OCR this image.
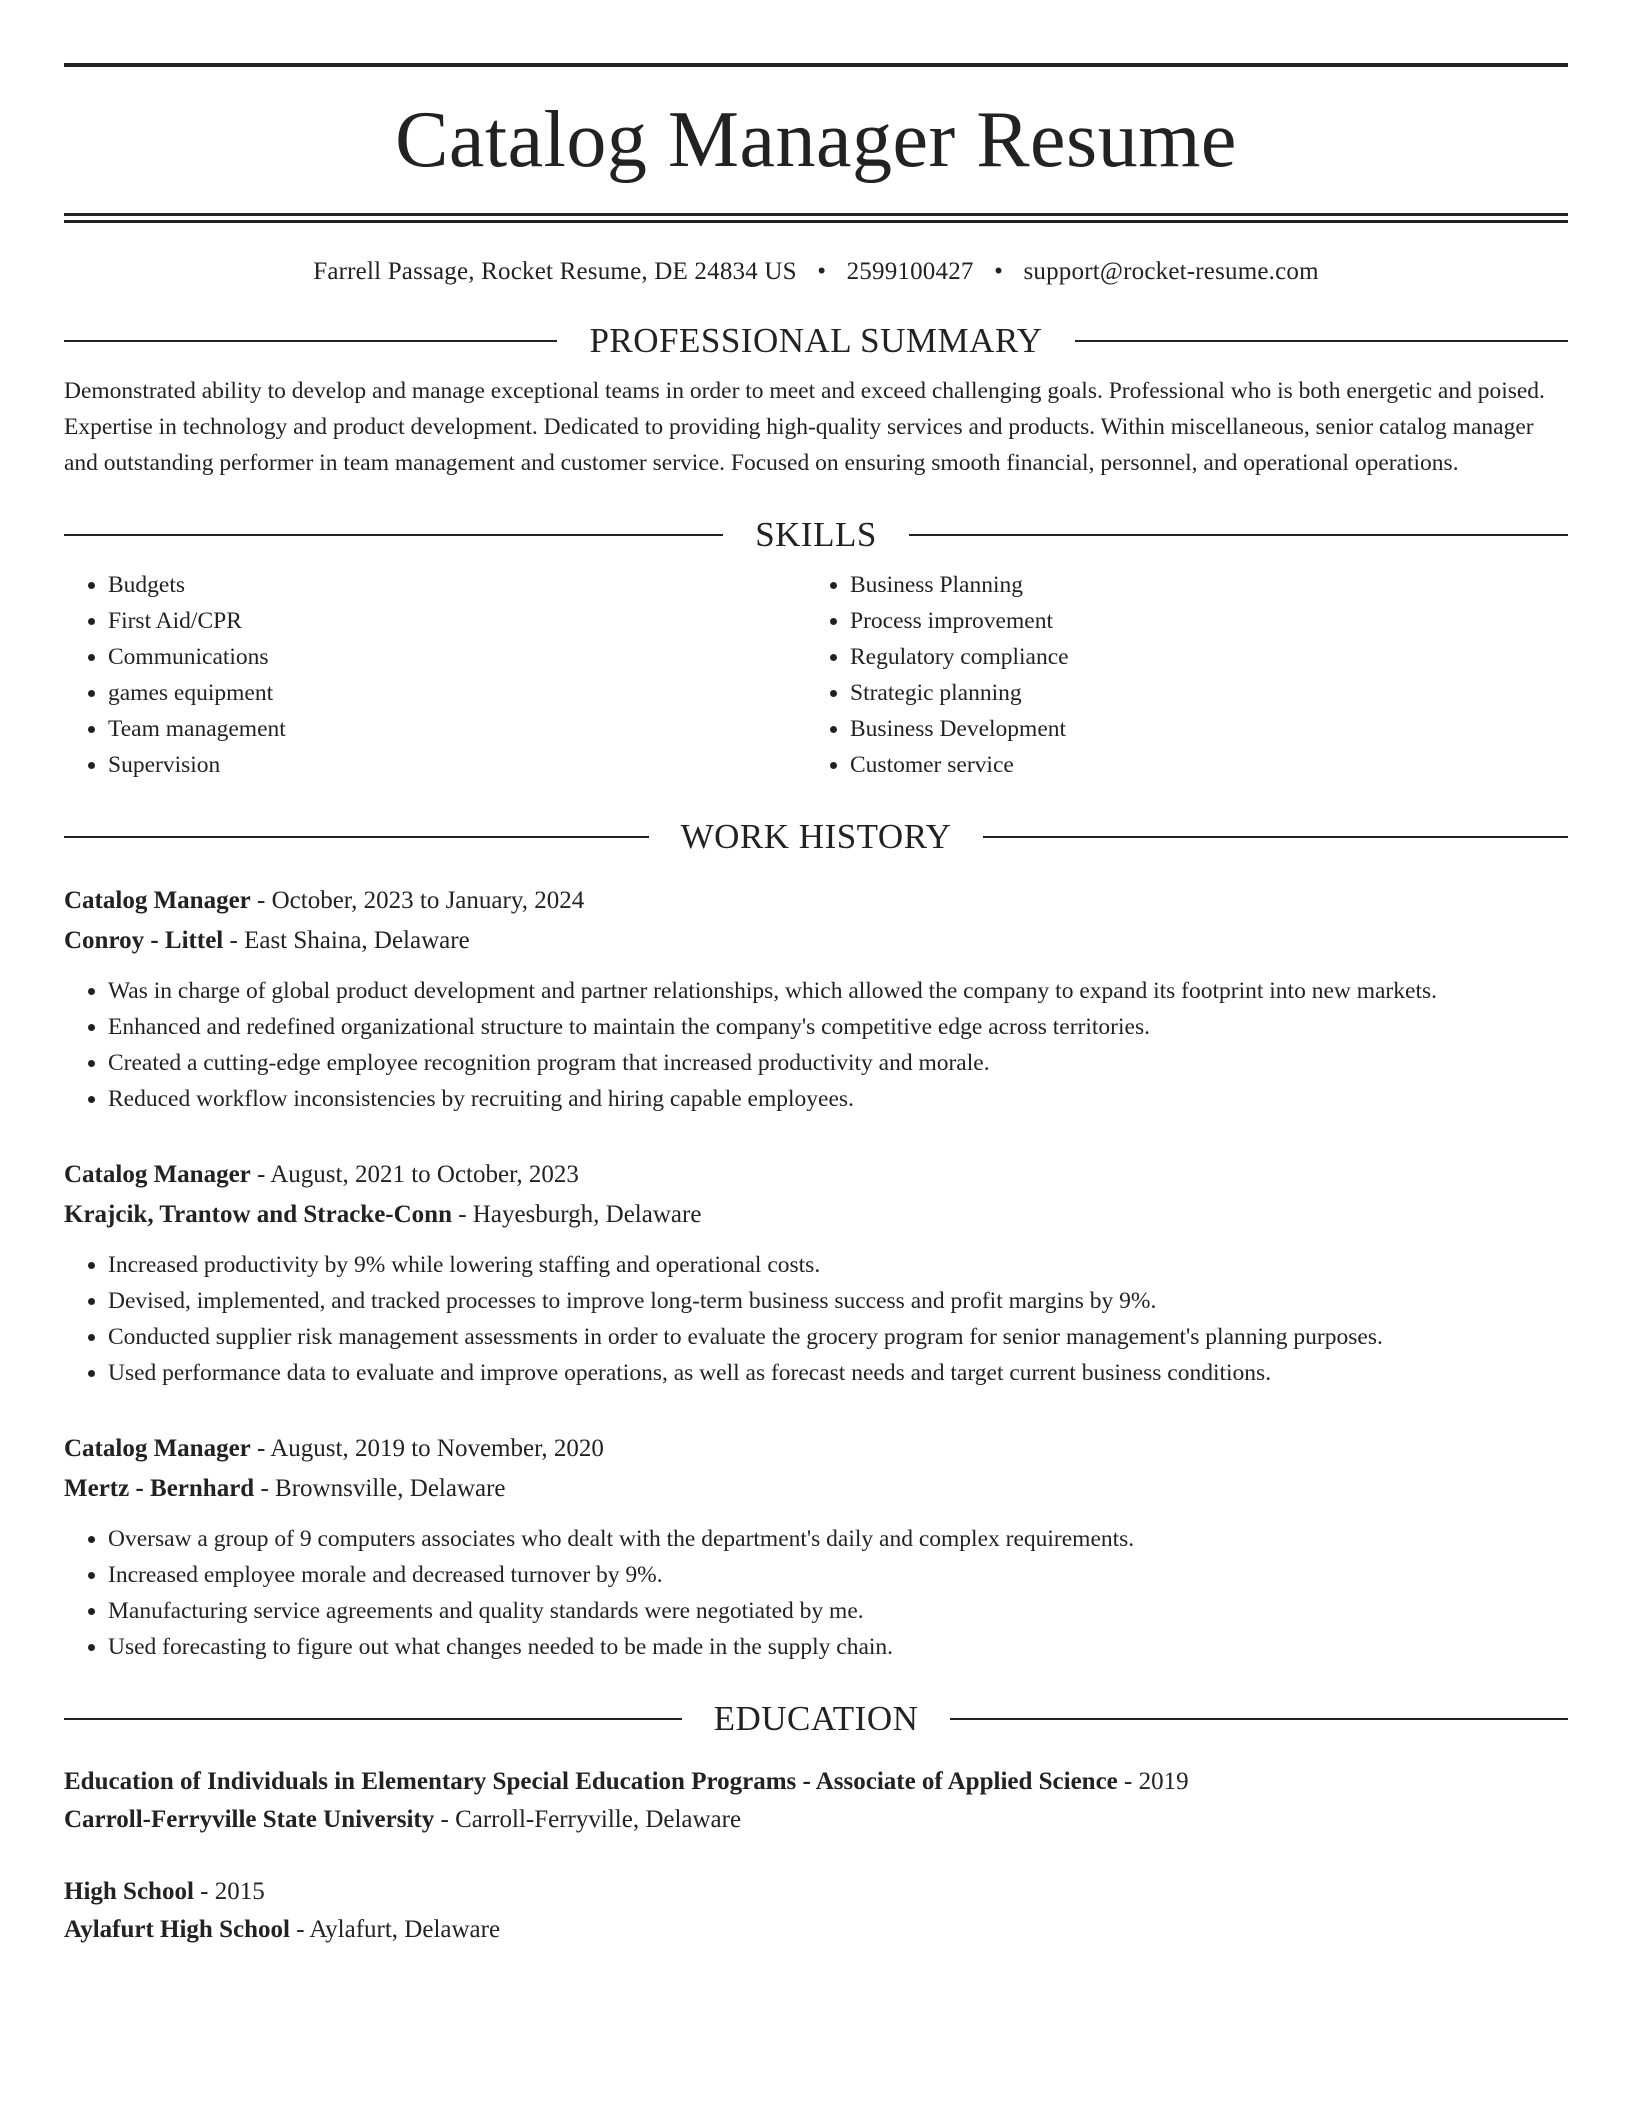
Catalog Manager Resume
Farrell Passage, Rocket Resume, DE 24834 US • 2599100427 • support@rocket-resume.com
PROFESSIONAL SUMMARY
Demonstrated ability to develop and manage exceptional teams in order to meet and exceed challenging goals. Professional who is both energetic and poised. Expertise in technology and product development. Dedicated to providing high-quality services and products. Within miscellaneous, senior catalog manager and outstanding performer in team management and customer service. Focused on ensuring smooth financial, personnel, and operational operations.
SKILLS
• Budgets
• First Aid/CPR
• Communications
• games equipment
• Team management
• Supervision
• Business Planning
• Process improvement
• Regulatory compliance
• Strategic planning
• Business Development
• Customer service
WORK HISTORY
Catalog Manager - October, 2023 to January, 2024
Conroy - Littel - East Shaina, Delaware
• Was in charge of global product development and partner relationships, which allowed the company to expand its footprint into new markets.
• Enhanced and redefined organizational structure to maintain the company's competitive edge across territories.
• Created a cutting-edge employee recognition program that increased productivity and morale.
• Reduced workflow inconsistencies by recruiting and hiring capable employees.
Catalog Manager - August, 2021 to October, 2023
Krajcik, Trantow and Stracke-Conn - Hayesburgh, Delaware
• Increased productivity by 9% while lowering staffing and operational costs.
• Devised, implemented, and tracked processes to improve long-term business success and profit margins by 9%.
• Conducted supplier risk management assessments in order to evaluate the grocery program for senior management's planning purposes.
• Used performance data to evaluate and improve operations, as well as forecast needs and target current business conditions.
Catalog Manager - August, 2019 to November, 2020
Mertz - Bernhard - Brownsville, Delaware
• Oversaw a group of 9 computers associates who dealt with the department's daily and complex requirements.
• Increased employee morale and decreased turnover by 9%.
• Manufacturing service agreements and quality standards were negotiated by me.
• Used forecasting to figure out what changes needed to be made in the supply chain.
EDUCATION
Education of Individuals in Elementary Special Education Programs - Associate of Applied Science - 2019
Carroll-Ferryville State University - Carroll-Ferryville, Delaware
High School - 2015
Aylafurt High School - Aylafurt, Delaware
